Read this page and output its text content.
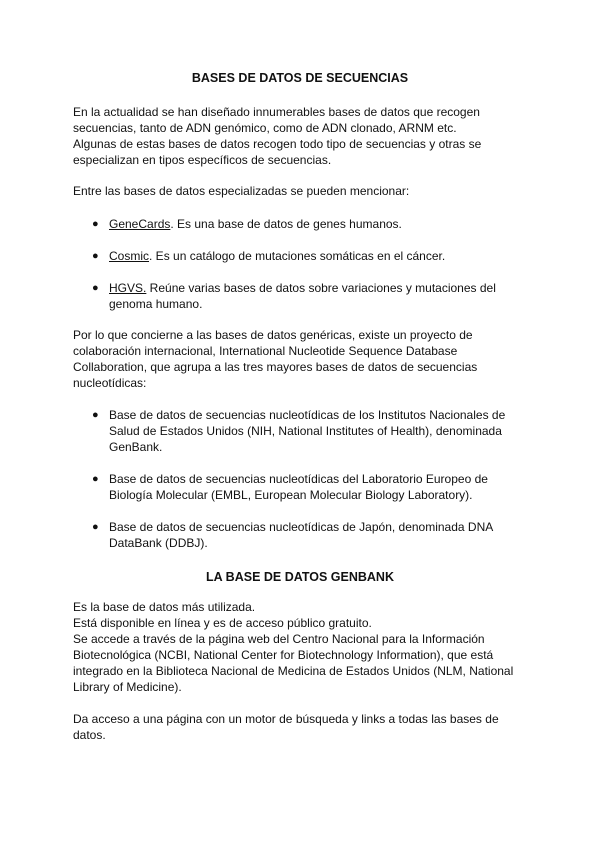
BASES DE DATOS DE SECUENCIAS

En la actualidad se han diseñado innumerables bases de datos que recogen
secuencias, tanto de ADN genómico, como de ADN clonado, ARNM etc.
Algunas de estas bases de datos recogen todo tipo de secuencias y otras se
especializan en tipos específicos de secuencias.

Entre las bases de datos especializadas se pueden mencionar:

● GeneCards. Es una base de datos de genes humanos.

● Cosmic. Es un catálogo de mutaciones somáticas en el cáncer.

● HGVS. Reúne varias bases de datos sobre variaciones y mutaciones del
genoma humano.

Por lo que concierne a las bases de datos genéricas, existe un proyecto de
colaboración internacional, International Nucleotide Sequence Database
Collaboration, que agrupa a las tres mayores bases de datos de secuencias
nucleotídicas:

● Base de datos de secuencias nucleotídicas de los Institutos Nacionales de
Salud de Estados Unidos (NIH, National Institutes of Health), denominada
GenBank.

● Base de datos de secuencias nucleotídicas del Laboratorio Europeo de
Biología Molecular (EMBL, European Molecular Biology Laboratory).

● Base de datos de secuencias nucleotídicas de Japón, denominada DNA
DataBank (DDBJ).

LA BASE DE DATOS GENBANK

Es la base de datos más utilizada.
Está disponible en línea y es de acceso público gratuito.
Se accede a través de la página web del Centro Nacional para la Información
Biotecnológica (NCBI, National Center for Biotechnology Information), que está
integrado en la Biblioteca Nacional de Medicina de Estados Unidos (NLM, National
Library of Medicine).

Da acceso a una página con un motor de búsqueda y links a todas las bases de
datos.
